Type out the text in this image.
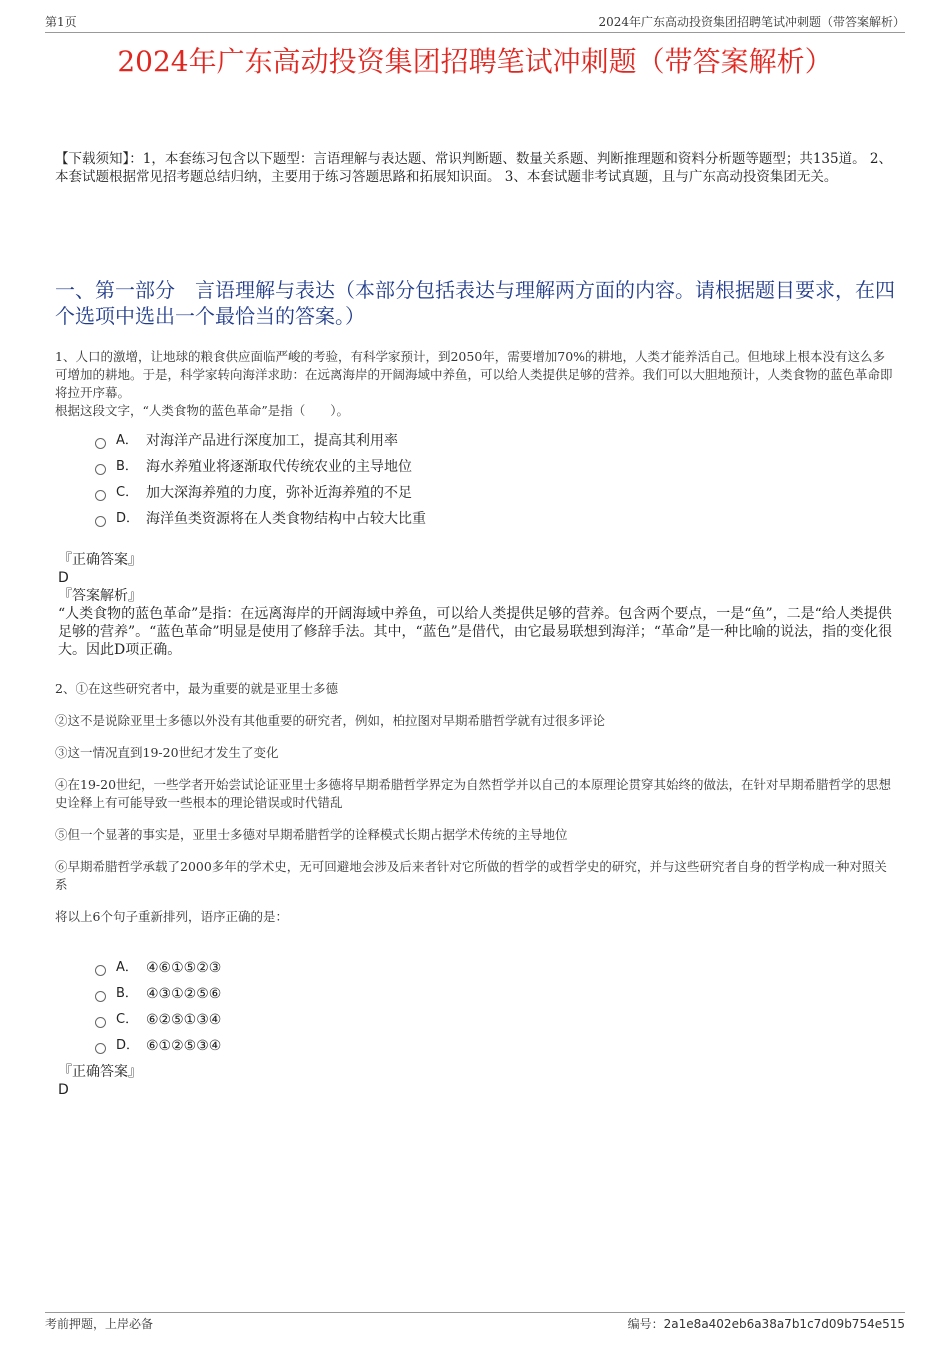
第1页	2024年广东高动投资集团招聘笔试冲刺题（带答案解析）
2024年广东高动投资集团招聘笔试冲刺题（带答案解析）
【下载须知】：1，本套练习包含以下题型：言语理解与表达题、常识判断题、数量关系题、判断推理题和资料分析题等题型；共135道。 2、本套试题根据常见招考题总结归纳，主要用于练习答题思路和拓展知识面。 3、本套试题非考试真题，且与广东高动投资集团无关。
一、第一部分　言语理解与表达（本部分包括表达与理解两方面的内容。请根据题目要求，在四个选项中选出一个最恰当的答案。）
1、人口的激增，让地球的粮食供应面临严峻的考验，有科学家预计，到2050年，需要增加70%的耕地，人类才能养活自己。但地球上根本没有这么多可增加的耕地。于是，科学家转向海洋求助：在远离海岸的开阔海域中养鱼，可以给人类提供足够的营养。我们可以大胆地预计，人类食物的蓝色革命即将拉开序幕。
根据这段文字，“人类食物的蓝色革命”是指（　　）。
A． 对海洋产品进行深度加工，提高其利用率
B． 海水养殖业将逐渐取代传统农业的主导地位
C． 加大深海养殖的力度，弥补近海养殖的不足
D． 海洋鱼类资源将在人类食物结构中占较大比重
『正确答案』
D
『答案解析』
“人类食物的蓝色革命”是指：在远离海岸的开阔海域中养鱼，可以给人类提供足够的营养。包含两个要点，一是“鱼”，二是“给人类提供足够的营养”。“蓝色革命”明显是使用了修辞手法。其中，“蓝色”是借代，由它最易联想到海洋；“革命”是一种比喻的说法，指的变化很大。因此D项正确。
2、①在这些研究者中，最为重要的就是亚里士多德
②这不是说除亚里士多德以外没有其他重要的研究者，例如，柏拉图对早期希腊哲学就有过很多评论
③这一情况直到19-20世纪才发生了变化
④在19-20世纪，一些学者开始尝试论证亚里士多德将早期希腊哲学界定为自然哲学并以自己的本原理论贯穿其始终的做法，在针对早期希腊哲学的思想史诠释上有可能导致一些根本的理论错误或时代错乱
⑤但一个显著的事实是，亚里士多德对早期希腊哲学的诠释模式长期占据学术传统的主导地位
⑥早期希腊哲学承载了2000多年的学术史，无可回避地会涉及后来者针对它所做的哲学的或哲学史的研究，并与这些研究者自身的哲学构成一种对照关系
将以上6个句子重新排列，语序正确的是：
A． ④⑥①⑤②③
B． ④③①②⑤⑥
C． ⑥②⑤①③④
D． ⑥①②⑤③④
『正确答案』
D
考前押题，上岸必备	编号：2a1e8a402eb6a38a7b1c7d09b754e515
